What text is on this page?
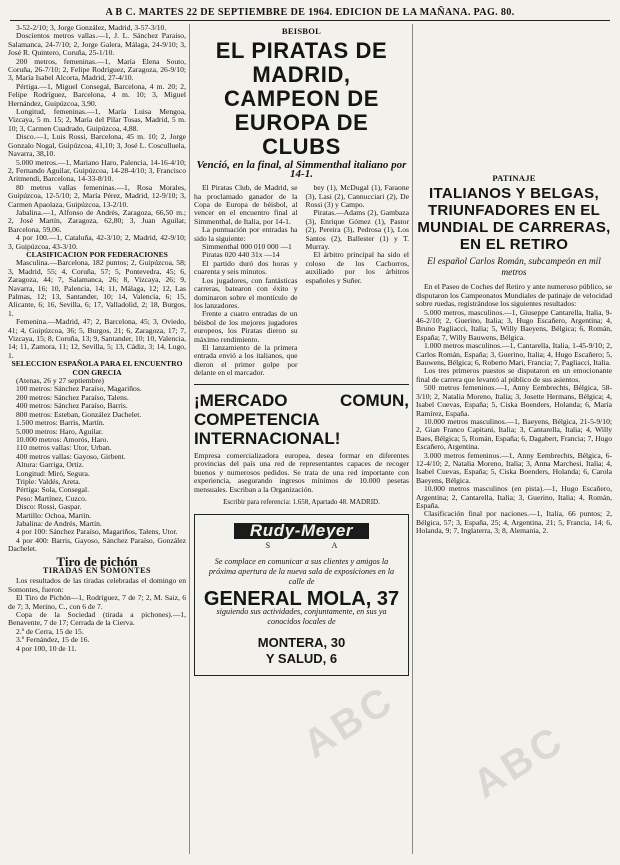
A B C. MARTES 22 DE SEPTIEMBRE DE 1964. EDICION DE LA MAÑANA. PAG. 80.

3-52-2/10; 3, Jorge González, Madrid, 3-57-3/10.

Doscientos metros vallas.—1, J. L. Sánchez Paraíso, Salamanca, 24-7/10; 2, Jorge Galera, Málaga, 24-9/10; 3, José R. Quintero, Coruña, 25-1/10.

200 metros, femeninas.—1, María Elena Souto, Coruña, 26-7/10; 2, Felipe Rodríguez, Zaragoza, 26-9/10; 3, María Isabel Alcorta, Madrid, 27-4/10.

Pértiga.—1, Miguel Consegal, Barcelona, 4 m. 20; 2, Felipe Rodríguez, Barcelona, 4 m. 10; 3, Miguel Hernández, Guipúzcoa, 3,90.

Longitud, femeninas.—1, María Luisa Mengoa, Vizcaya, 5 m. 15; 2, María del Pilar Tosas, Madrid, 5 m. 10; 3, Carmen Cuadrado, Guipúzcoa, 4,88.

Disco.—1, Luis Rossi, Barcelona, 45 m. 10; 2, Jorge Gonzalo Nogal, Guipúzcoa, 41,10; 3, José L. Cosculluela, Navarra, 38,10.

5.000 metros.—1, Mariano Haro, Palencia, 14-16-4/10; 2, Fernando Aguilar, Guipúzcoa, 14-28-4/10; 3, Francisco Aritmendi, Barcelona, 14-33-8/10.

80 metros vallas femeninas.—1, Rosa Morales, Guipúzcoa, 12-5/10; 2, María Pérez, Madrid, 12-9/10; 3, Carmen Apaolaza, Guipúzcoa, 13-2/10.

Jabalina.—1, Alfonso de Andrés, Zaragoza, 66,50 m.; 2, José Martín, Zaragoza, 62,80; 3, Juan Aguilar, Barcelona, 59,06.

4 por 100.—1, Cataluña, 42-3/10; 2, Madrid, 42-9/10; 3, Guipúzcoa, 43-3/10.

CLASIFICACION POR FEDERACIONES

Masculina.—Barcelona, 182 puntos; 2, Guipúzcoa, 58; 3, Madrid, 55; 4, Coruña, 57; 5, Pontevedra, 45; 6, Zaragoza, 44; 7, Salamanca, 26; 8, Vizcaya, 26; 9, Navarra, 16; 10, Palencia, 14; 11, Málaga, 12; 12, Las Palmas, 12; 13, Santander, 10; 14, Valencia, 6; 15, Alicante, 6; 16, Sevilla, 6; 17, Valladolid, 2; 18, Burgos, 1.

Femenina.—Madrid, 47; 2, Barcelona, 45; 3, Oviedo, 41; 4, Guipúzcoa, 36; 5, Burgos, 21; 6, Zaragoza, 17; 7, Vizcaya, 15; 8, Coruña, 13; 9, Santander, 10; 10, Valencia, 14; 11, Zamora, 11; 12, Sevilla, 5; 13, Cádiz, 3; 14, Lugo, 1.

SELECCION ESPAÑOLA PARA EL ENCUENTRO CON GRECIA

(Atenas, 26 y 27 septiembre)

100 metros: Sánchez Paraíso, Magariños.

200 metros: Sánchez Paraíso, Talens.

400 metros: Sánchez Paraíso, Barris.

800 metros: Esteban, González Dachelet.

1.500 metros: Barris, Martín.

5.000 metros: Haro, Aguilar.

10.000 metros: Amorós, Haro.

110 metros vallas: Utor, Urban.

400 metros vallas: Gayoso, Girbent.

Altura: Garriga, Ortiz.

Longitud: Miró, Segura.

Triple: Valdés, Areta.

Pértiga: Sola, Consegal.

Peso: Martínez, Cuzco.

Disco: Rossi, Gaspar.

Martillo: Ochoa, Martín.

Jabalina: de Andrés, Martín.

4 por 100: Sánchez Paraíso, Magariños, Talens, Utor.

4 por 400: Barris, Gayoso, Sánchez Paraíso, González Dachelet.

Tiro de pichón
TIRADAS EN SOMONTES

Los resultados de las tiradas celebradas el domingo en Somontes, fueron:

El Tiro de Pichón—1, Rodríguez, 7 de 7; 2, M. Saiz, 6 de 7; 3, Merino, C., con 6 de 7.

Copa de la Sociedad (tirada a pichones).—1, Benavente, 7 de 17; Cerrada de la Cierva.

2.º de Cerra, 15 de 15.

3.º Fernández, 15 de 16.

4 por 100, 10 de 11.

BEISBOL
EL PIRATAS DE MADRID, CAMPEON DE EUROPA DE CLUBS
Venció, en la final, al Simmenthal italiano por 14-1.

El Piratas Club, de Madrid, se ha proclamado ganador de la Copa de Europa de béisbol, al vencer en el encuentro final al Simmenthal, de Italia, por 14-1.

La puntuación por entradas ha sido la siguiente:

Simmenthal 000 010 000 —1

Piratas 020 440 31x —14

El partido duró dos horas y cuarenta y seis minutos.

Los jugadores, con fantásticas carreras, batearon con éxito y dominaron sobre el montículo de los lanzadores.

Frente a cuatro entradas de un béisbol de los mejores jugadores europeos, los Piratas dieron su máximo rendimiento.

El lanzamiento de la primera entrada envió a los italianos, que dieron el primer golpe por delante en el marcador.

bey (1), McDugal (1), Faraone (3), Lasi (2), Cannucciari (2), De Rossi (3) y Campo.

Piratas.—Adams (2), Gambaza (3), Enrique Gómez (1), Pastor (2), Pereira (3), Pedrosa (1), Los Santos (2), Ballester (1) y T. Murray.

El árbitro principal ha sido el coloso de los Cachorros, auxiliado por los árbitros españoles y Suñer.

¡MERCADO COMUN, COMPETENCIA INTERNACIONAL!
Empresa comercializadora europea, desea formar en diferentes provincias del país una red de representantes capaces de recoger buenos y numerosos pedidos. Se trata de una red importante con experiencia, asegurando ingresos mínimos de 10.000 pesetas mensuales. Escriban a la Organización.
Escribir para referencia: 1.658, Apartado 48. MADRID.
Rudy-Meyer
S A
Se complace en comunicar a sus clientes y amigos la próxima apertura de la nueva sala de exposiciones en la calle de
GENERAL MOLA, 37
siguiendo sus actividades, conjuntamente, en sus ya conocidos locales de
MONTERA, 30
Y SALUD, 6
PATINAJE
ITALIANOS Y BELGAS, TRIUNFADORES EN EL MUNDIAL DE CARRERAS, EN EL RETIRO
El español Carlos Román, subcampeón en mil metros

En el Paseo de Coches del Retiro y ante numeroso público, se disputaron los Campeonatos Mundiales de patinaje de velocidad sobre ruedas, registrándose los siguientes resultados:

5.000 metros, masculinos.—1, Giuseppe Cantarella, Italia, 9-46-2/10; 2, Guerino, Italia; 3, Hugo Escañero, Argentina; 4, Bruno Pagliacci, Italia; 5, Willy Baeyens, Bélgica; 6, Román, España; 7, Willy Bauwens, Bélgica.

1.000 metros masculinos.—1, Cantarella, Italia, 1-45-9/10; 2, Carlos Román, España; 3, Guerino, Italia; 4, Hugo Escañero; 5, Bauwens, Bélgica; 6, Roberto Mari, Francia; 7, Pagliacci, Italia.

Los tres primeros puestos se disputaron en un emocionante final de carrera que levantó al público de sus asientos.

500 metros femeninos.—1, Anny Eembrechts, Bélgica, 58-3/10; 2, Natalia Moreno, Italia; 3, Josette Hermans, Bélgica; 4, Isabel Cuevas, España; 5, Ciska Boenders, Holanda; 6, María Ramírez, España.

10.000 metros masculinos.—1, Baeyens, Bélgica, 21-5-9/10; 2, Gian Franco Capitani, Italia; 3, Cantarella, Italia; 4, Willy Baes, Bélgica; 5, Román, España; 6, Dagabert, Francia; 7, Hugo Escañero, Argentina.

3.000 metros femeninos.—1, Anny Eembrechts, Bélgica, 6-12-4/10; 2, Natalia Moreno, Italia; 3, Anna Marchesi, Italia; 4, Isabel Cuevas, España; 5, Ciska Boenders, Holanda; 6, Carola Baeyens, Bélgica.

10.000 metros masculinos (en pista).—1, Hugo Escañero, Argentina; 2, Cantarella, Italia; 3, Guerino, Italia; 4, Román, España.

Clasificación final por naciones.—1, Italia, 66 puntos; 2, Bélgica, 57; 3, España, 25; 4, Argentina, 21; 5, Francia, 14; 6, Holanda, 9; 7, Inglaterra, 3; 8, Alemania, 2.

ABC ABC
